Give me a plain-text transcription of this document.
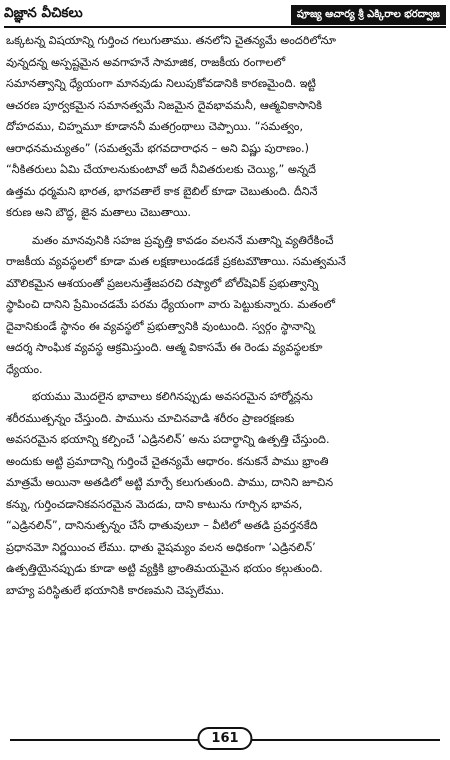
విజ్ఞాన వీచికలు	పూజ్య ఆచార్య శ్రీ ఎక్కిరాల భరద్వాజ
ఒక్కటన్న విషయాన్ని గుర్తించ గలుగుతాము. తనలోని చైతన్యమే అందరిలోనూ
వున్నదన్న అస్పష్టమైన అవగాహనే సామాజిక, రాజకీయ రంగాలలో
సమానత్వాన్ని ధ్యేయంగా మానవుడు నిలుపుకోవడానికి కారణమైంది. ఇట్టి
ఆచరణ పూర్వకమైన సమానత్వమే నిజమైన దైవభావమనీ, ఆత్మవికాసానికి
దోహదము, చిహ్నమూ కూడాననీ మతగ్రంథాలు చెప్పాయి. “సమత్వం,
ఆరాధనమచ్యుతం” (సమత్వమే భగవదారాధన – అని విష్ణు పురాణం.)
“నీకితరులు ఏమి చేయాలనుకుంటావో అదే నీవితరులకు చెయ్యి,” అన్నదే
ఉత్తమ ధర్మమని భారత, భాగవతాలే కాక బైబిల్ కూడా చెబుతుంది. దీనినే
కరుణ అని బౌద్ధ, జైన మతాలు చెబుతాయి.
మతం మానవునికి సహజ ప్రవృత్తి కావడం వలననే మతాన్ని వ్యతిరేకించే
రాజకీయ వ్యవస్థలలో కూడా మత లక్షణాలుండడకే ప్రకటమౌతాయి. సమత్వమనే
మౌలికమైన ఆశయంతో ప్రజలనుత్తేజపరచి రష్యాలో బోల్‌షెవిక్ ప్రభుత్వాన్ని
స్థాపించి దానిని ప్రేమించడమే పరమ ధ్యేయంగా వారు పెట్టుకున్నారు. మతంలో
దైవానికుండే స్థానం ఈ వ్యవస్థలో ప్రభుత్వానికి వుంటుంది. స్వర్గం స్థానాన్ని
ఆదర్శ సాంఘిక వ్యవస్థ ఆక్రమిస్తుంది. ఆత్మ వికాసమే ఈ రెండు వ్యవస్థలకూ
ధ్యేయం.
భయము మొదలైన భావాలు కలిగినప్పుడు అవసరమైన హార్మోన్లను
శరీరముత్పన్నం చేస్తుంది. పామును చూచినవాడి శరీరం ప్రాణరక్షణకు
అవసరమైన భయాన్ని కల్పించే ‘ఎడ్రినలిన్’ అను పదార్థాన్ని ఉత్పత్తి చేస్తుంది.
అందుకు అట్టి ప్రమాదాన్ని గుర్తించే చైతన్యమే ఆధారం. కనుకనే పాము భ్రాంతి
మాత్రమే అయినా అతడిలో అట్టి మార్పే కలుగుతుంది. పాము, దానిని జూచిన
కన్ను, గుర్తించడానికవసరమైన మెదడు, దాని కాటును గూర్చిన భావన,
“ఎడ్రినలిన్”, దానినుత్పన్నం చేసే ధాతువులూ – వీటిలో అతడి ప్రవర్తనకేది
ప్రధానమో నిర్ణయించ లేము. ధాతు వైషమ్యం వలన అధికంగా ‘ఎడ్రినలిన్’
ఉత్పత్తియైనప్పుడు కూడా అట్టి వ్యక్తికి భ్రాంతిమయమైన భయం కల్గుతుంది.
బాహ్య పరిస్థితులే భయానికి కారణమని చెప్పలేము.
161
